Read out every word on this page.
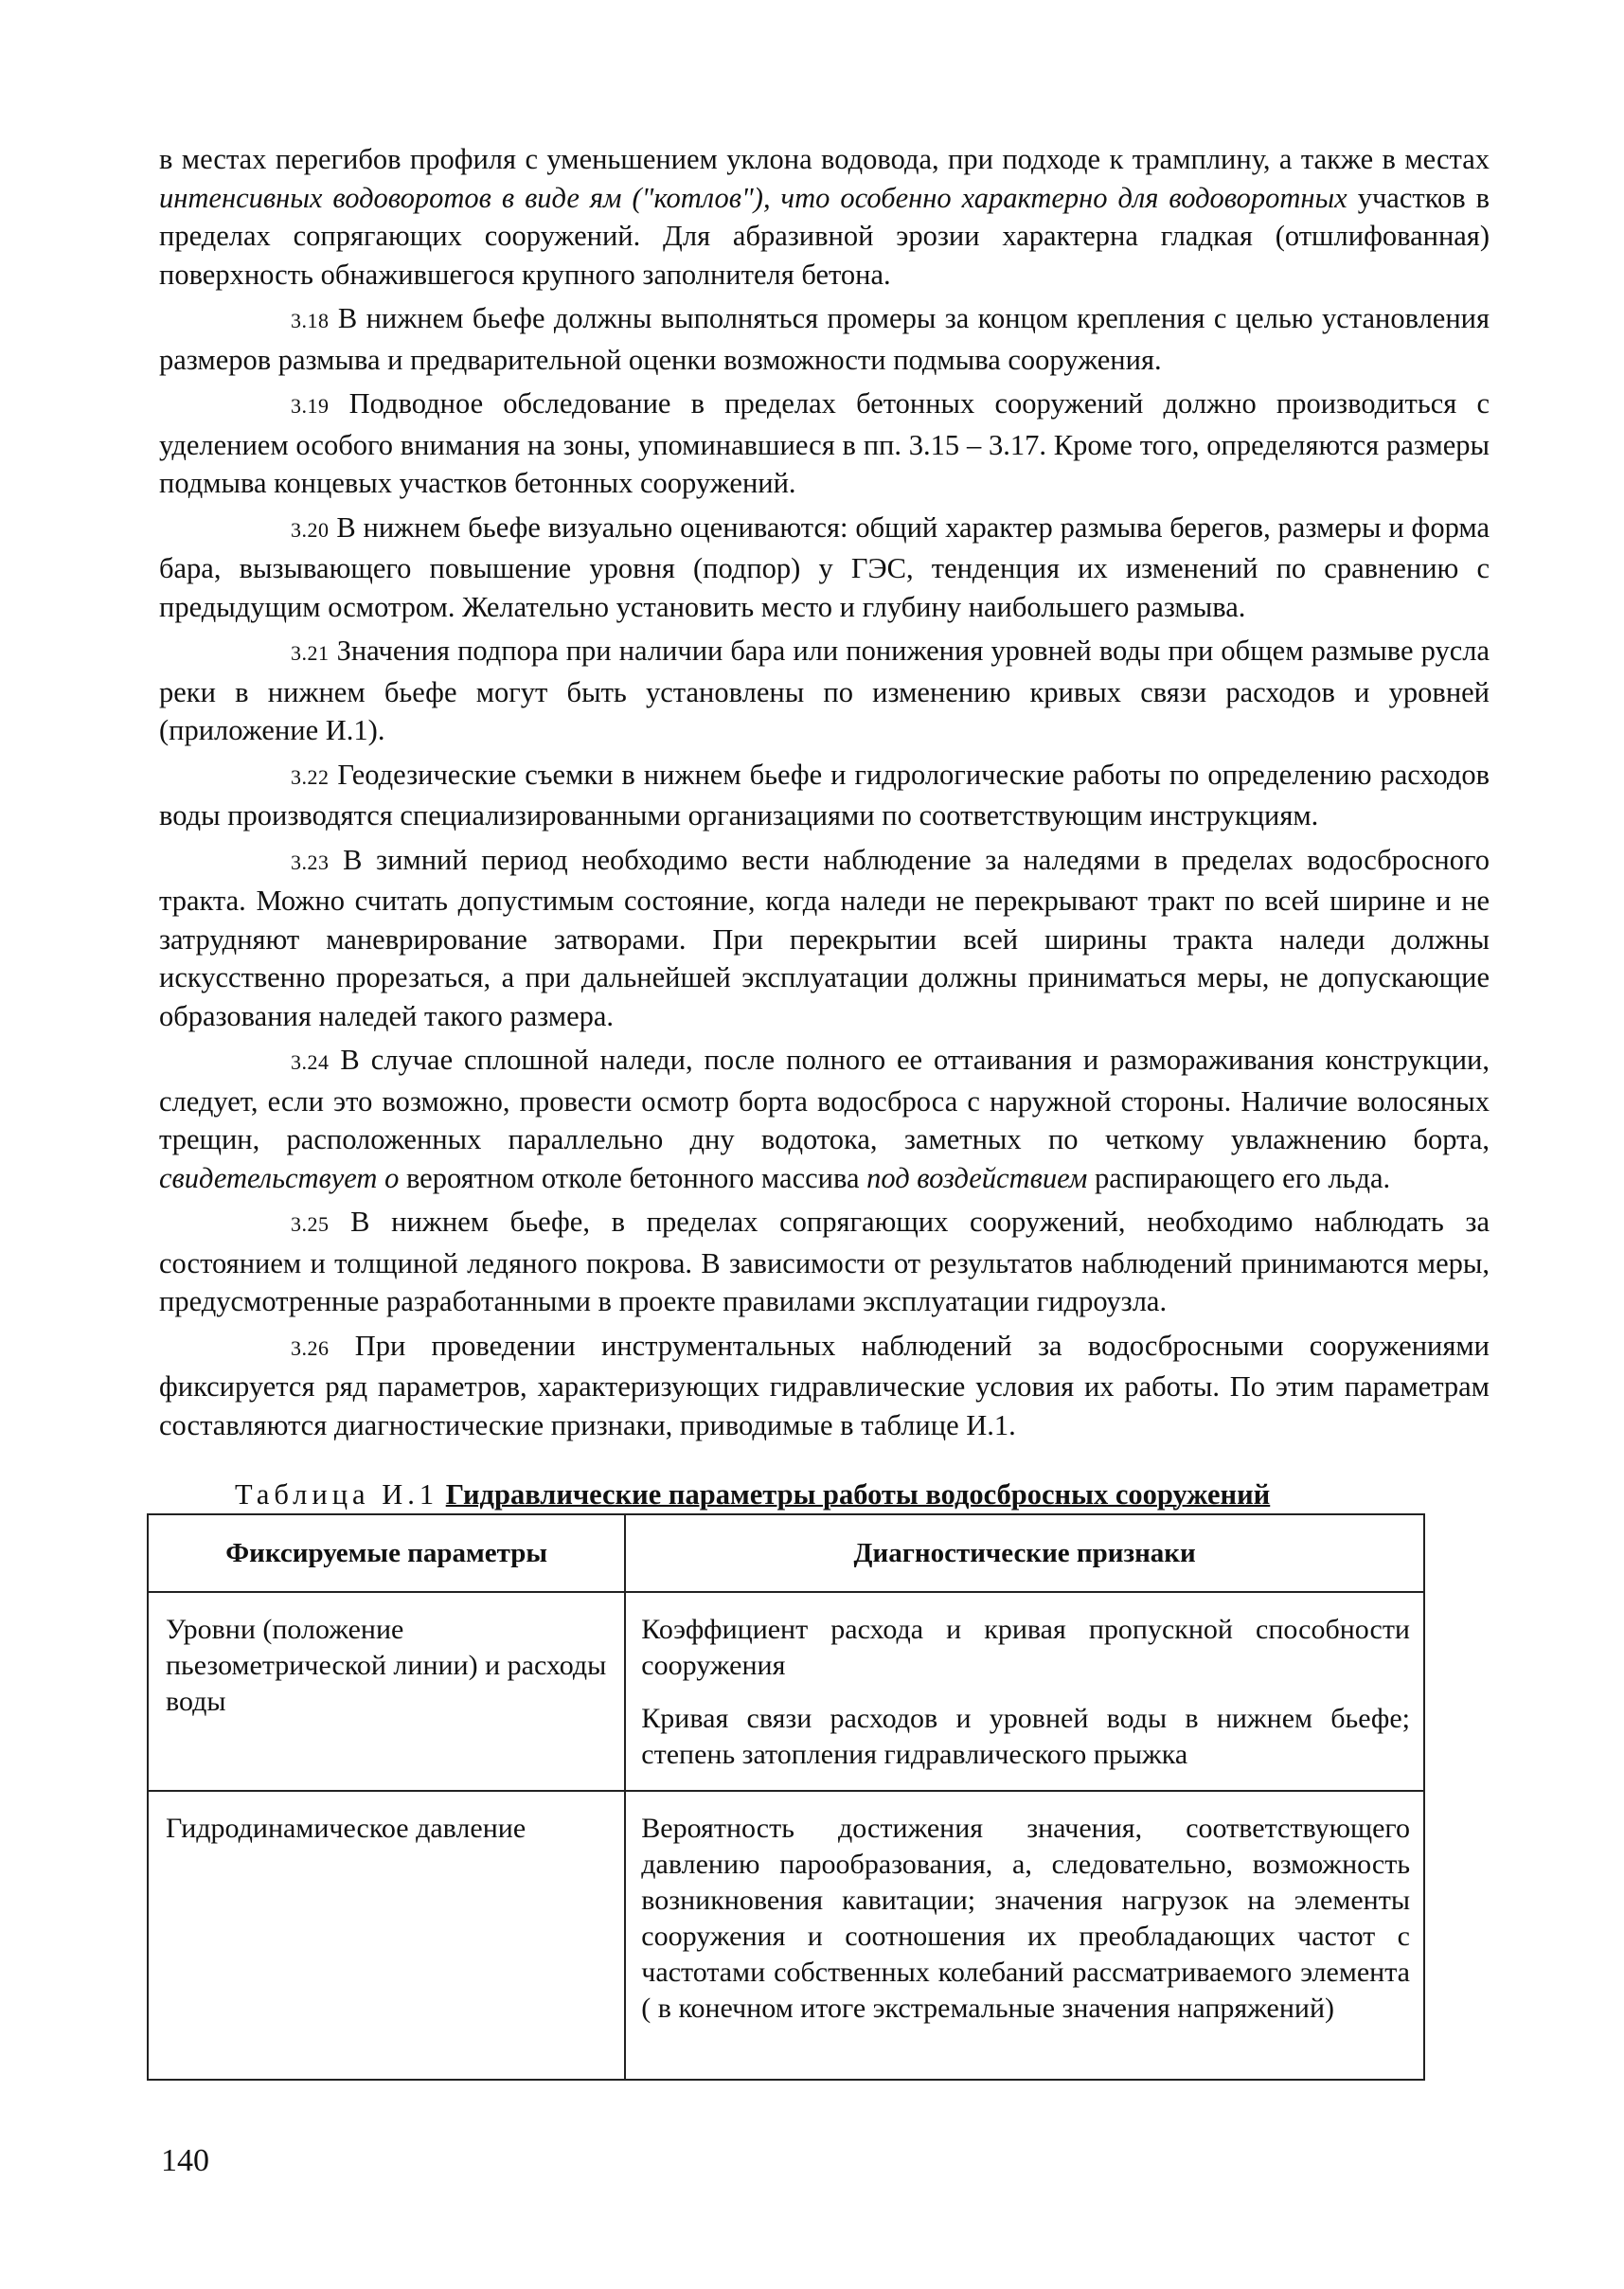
в местах перегибов профиля с уменьшением уклона водовода, при подходе к трамплину, а также в местах интенсивных водоворотов в виде ям ("котлов"), что особенно характерно для водоворотных участков в пределах сопрягающих сооружений. Для абразивной эрозии характерна гладкая (отшлифованная) поверхность обнажившегося крупного заполнителя бетона.

3.18 В нижнем бьефе должны выполняться промеры за концом крепления с целью установления размеров размыва и предварительной оценки возможности подмыва сооружения.

3.19 Подводное обследование в пределах бетонных сооружений должно производиться с уделением особого внимания на зоны, упоминавшиеся в пп. 3.15 – 3.17. Кроме того, определяются размеры подмыва концевых участков бетонных сооружений.

3.20 В нижнем бьефе визуально оцениваются: общий характер размыва берегов, размеры и форма бара, вызывающего повышение уровня (подпор) у ГЭС, тенденция их изменений по сравнению с предыдущим осмотром. Желательно установить место и глубину наибольшего размыва.

3.21 Значения подпора при наличии бара или понижения уровней воды при общем размыве русла реки в нижнем бьефе могут быть установлены по изменению кривых связи расходов и уровней (приложение И.1).

3.22 Геодезические съемки в нижнем бьефе и гидрологические работы по определению расходов воды производятся специализированными организациями по соответствующим инструкциям.

3.23 В зимний период необходимо вести наблюдение за наледями в пределах водосбросного тракта. Можно считать допустимым состояние, когда наледи не перекрывают тракт по всей ширине и не затрудняют маневрирование затворами. При перекрытии всей ширины тракта наледи должны искусственно прорезаться, а при дальнейшей эксплуатации должны приниматься меры, не допускающие образования наледей такого размера.

3.24 В случае сплошной наледи, после полного ее оттаивания и размораживания конструкции, следует, если это возможно, провести осмотр борта водосброса с наружной стороны. Наличие волосяных трещин, расположенных параллельно дну водотока, заметных по четкому увлажнению борта, свидетельствует о вероятном отколе бетонного массива под воздействием распирающего его льда.

3.25 В нижнем бьефе, в пределах сопрягающих сооружений, необходимо наблюдать за состоянием и толщиной ледяного покрова. В зависимости от результатов наблюдений принимаются меры, предусмотренные разработанными в проекте правилами эксплуатации гидроузла.

3.26 При проведении инструментальных наблюдений за водосбросными сооружениями фиксируется ряд параметров, характеризующих гидравлические условия их работы. По этим параметрам составляются диагностические признаки, приводимые в таблице И.1.

Таблица И.1 Гидравлические параметры работы водосбросных сооружений
Фиксируемые параметры	Диагностические признаки
Уровни (положение пьезометрической линии) и расходы воды	Коэффициент расхода и кривая пропускной способности сооружения

Кривая связи расходов и уровней воды в нижнем бьефе; степень затопления гидравлического прыжка

Гидродинамическое давление	Вероятность достижения значения, соответствующего давлению парообразования, а, следовательно, возможность возникновения кавитации; значения нагрузок на элементы сооружения и соотношения их преобладающих частот с частотами собственных колебаний рассматриваемого элемента ( в конечном итоге экстремальные значения напряжений)

140
